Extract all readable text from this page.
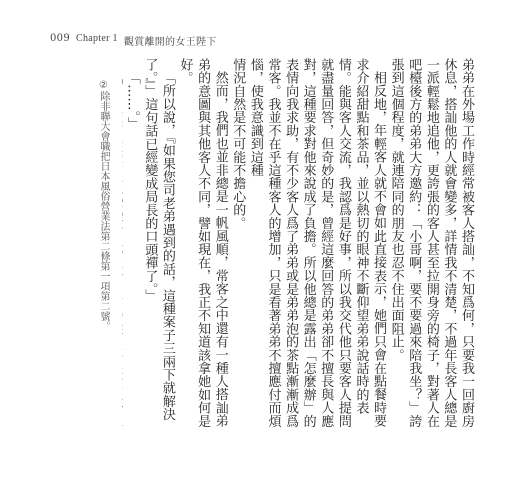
009 Chapter 1 觀賞離開的女王陛下

弟弟在外場工作時經常被客人搭訕，不知爲何，只要我一回廚房休息，搭訕他的人就會變多，詳情我不清楚，不過年長客人總是一派輕鬆地追他，更誇張的客人甚至拉開身旁的椅子，對著人在吧檯後方的弟弟大方邀約：「小哥啊，要不要過來陪我坐？」誇張到這個程度，就連陪同的朋友也忍不住出面阻止。

相反地，年輕客人就不會如此直接表示，她們只會在點餐時要求介紹甜點和茶品，並以熱切的眼神不斷仰望弟弟說話時的表情。能與客人交流，我認爲是好事，所以我交代他只要客人提問就盡量回答，但奇妙的是，曾經這麼回答的弟弟卻不擅長與人應對，這種要求對他來說成了負擔。所以他總是露出「怎麼辦」的表情向我求助，有不少客人爲了弟弟或是弟弟泡的茶點漸漸成爲常客。我並不在乎這種客人的增加，只是看著弟弟不擅應付而煩惱，使我意識到這種

情況自然是不可能不擔心的。

然而，我們也並非總是一帆風順，常客之中還有一種人搭訕弟弟的意圖與其他客人不同，譬如現在，我正不知道該拿她如何是好。

「所以說，『如果您司老弟遇到的話，這種案子三兩下就解決了。』」這句話已經變成局長的口頭禪了。」

「……。」

②除非聯大會職把日本風俗營業法第二條第一項第二號。
